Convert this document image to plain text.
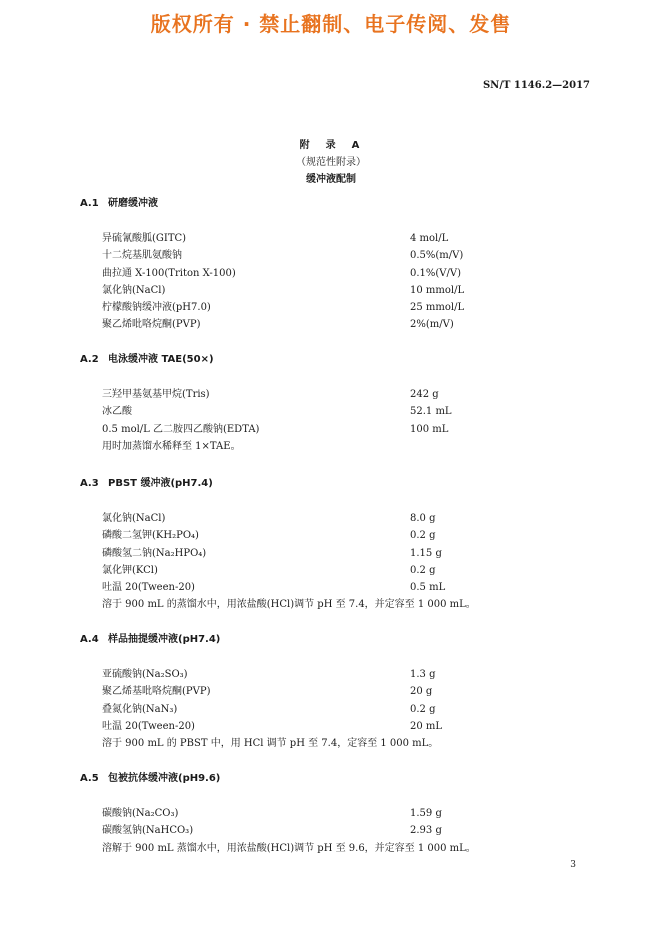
版权所有 · 禁止翻制、电子传阅、发售
SN/T 1146.2—2017
附　录　A
（规范性附录）
缓冲液配制
A.1 研磨缓冲液
异硫氰酸胍(GITC)	4 mol/L
十二烷基肌氨酸钠	0.5%(m/V)
曲拉通 X-100(Triton X-100)	0.1%(V/V)
氯化钠(NaCl)	10 mmol/L
柠檬酸钠缓冲液(pH7.0)	25 mmol/L
聚乙烯吡咯烷酮(PVP)	2%(m/V)
A.2 电泳缓冲液 TAE(50×)
三羟甲基氨基甲烷(Tris)	242 g
冰乙酸	52.1 mL
0.5 mol/L 乙二胺四乙酸钠(EDTA)	100 mL
用时加蒸馏水稀释至 1×TAE。
A.3 PBST 缓冲液(pH7.4)
氯化钠(NaCl)	8.0 g
磷酸二氢钾(KH₂PO₄)	0.2 g
磷酸氢二钠(Na₂HPO₄)	1.15 g
氯化钾(KCl)	0.2 g
吐温 20(Tween-20)	0.5 mL
溶于 900 mL 的蒸馏水中，用浓盐酸(HCl)调节 pH 至 7.4，并定容至 1 000 mL。
A.4 样品抽提缓冲液(pH7.4)
亚硫酸钠(Na₂SO₃)	1.3 g
聚乙烯基吡咯烷酮(PVP)	20 g
叠氮化钠(NaN₃)	0.2 g
吐温 20(Tween-20)	20 mL
溶于 900 mL 的 PBST 中，用 HCl 调节 pH 至 7.4，定容至 1 000 mL。
A.5 包被抗体缓冲液(pH9.6)
碳酸钠(Na₂CO₃)	1.59 g
碳酸氢钠(NaHCO₃)	2.93 g
溶解于 900 mL 蒸馏水中，用浓盐酸(HCl)调节 pH 至 9.6，并定容至 1 000 mL。
3
